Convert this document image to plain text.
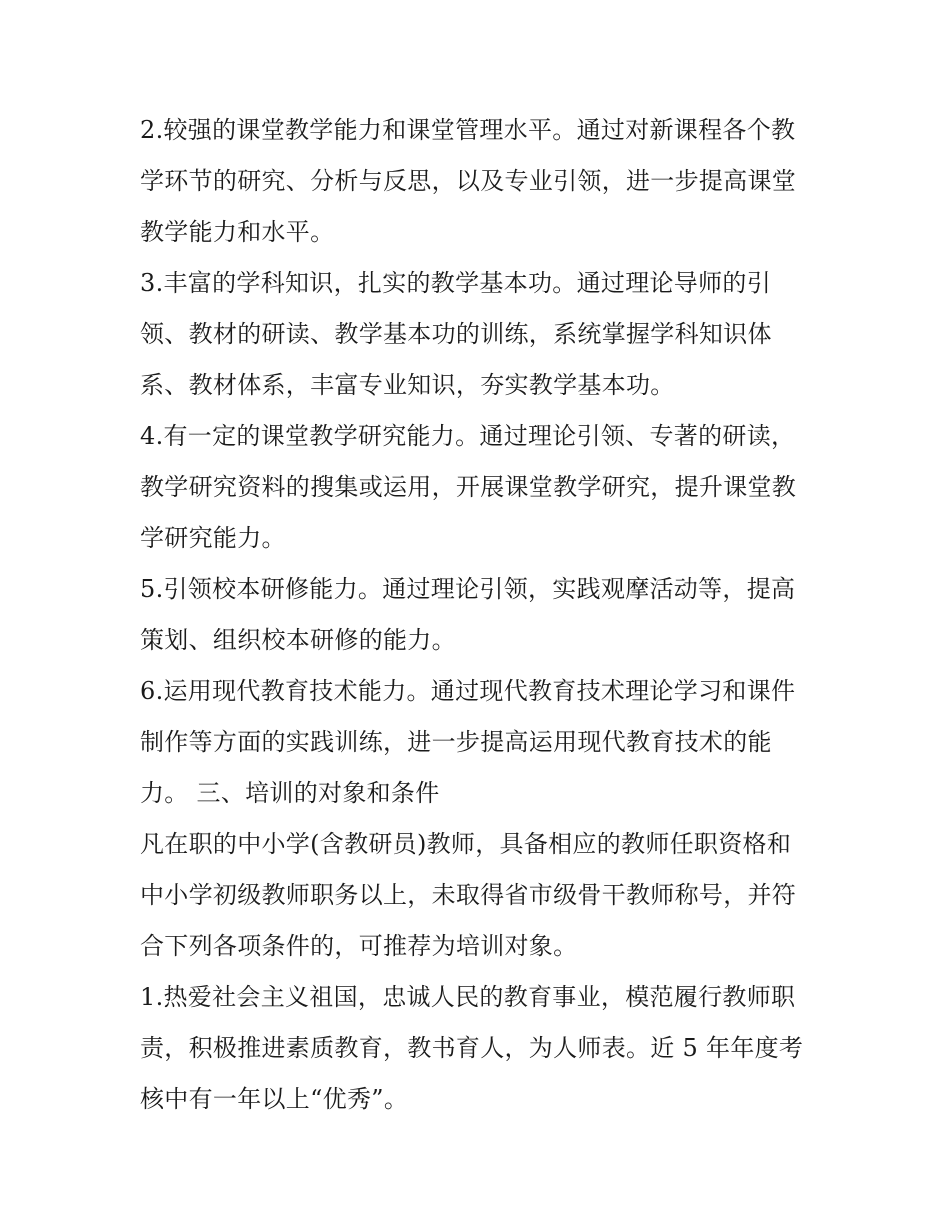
2.较强的课堂教学能力和课堂管理水平。通过对新课程各个教
学环节的研究、分析与反思，以及专业引领，进一步提高课堂
教学能力和水平。
3.丰富的学科知识，扎实的教学基本功。通过理论导师的引
领、教材的研读、教学基本功的训练，系统掌握学科知识体
系、教材体系，丰富专业知识，夯实教学基本功。
4.有一定的课堂教学研究能力。通过理论引领、专著的研读，
教学研究资料的搜集或运用，开展课堂教学研究，提升课堂教
学研究能力。
5.引领校本研修能力。通过理论引领，实践观摩活动等，提高
策划、组织校本研修的能力。
6.运用现代教育技术能力。通过现代教育技术理论学习和课件
制作等方面的实践训练，进一步提高运用现代教育技术的能
力。 三、培训的对象和条件
凡在职的中小学(含教研员)教师，具备相应的教师任职资格和
中小学初级教师职务以上，未取得省市级骨干教师称号，并符
合下列各项条件的，可推荐为培训对象。
1.热爱社会主义祖国，忠诚人民的教育事业，模范履行教师职
责，积极推进素质教育，教书育人，为人师表。近 5 年年度考
核中有一年以上“优秀”。
